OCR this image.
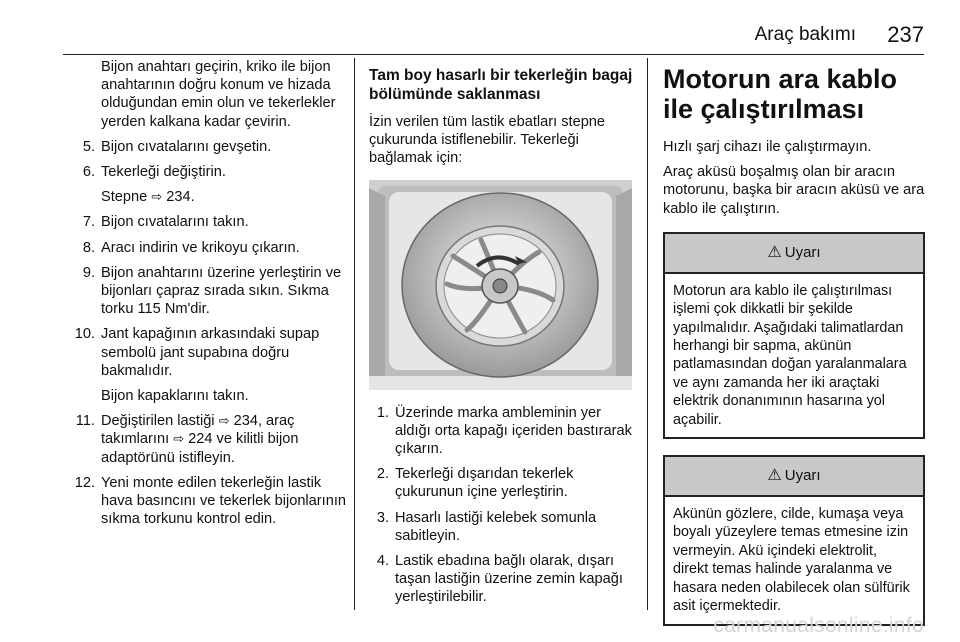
Araç bakımı 237

Bijon anahtarı geçirin, kriko ile bijon anahtarının doğru konum ve hizada olduğundan emin olun ve tekerlekler yerden kalkana kadar çevirin.

5. Bijon cıvatalarını gevşetin.
6. Tekerleği değiştirin.
Stepne ⇨ 234.
7. Bijon cıvatalarını takın.
8. Aracı indirin ve krikoyu çıkarın.
9. Bijon anahtarını üzerine yerleştirin ve bijonları çapraz sırada sıkın. Sıkma torku 115 Nm'dir.
10. Jant kapağının arkasındaki supap sembolü jant supabına doğru bakmalıdır.
Bijon kapaklarını takın.
11. Değiştirilen lastiği ⇨ 234, araç takımlarını ⇨ 224 ve kilitli bijon adaptörünü istifleyin.
12. Yeni monte edilen tekerleğin lastik hava basıncını ve tekerlek bijonlarının sıkma torkunu kontrol edin.
Tam boy hasarlı bir tekerleğin bagaj bölümünde saklanması

İzin verilen tüm lastik ebatları stepne çukurunda istiflenebilir. Tekerleği bağlamak için:

1. Üzerinde marka ambleminin yer aldığı orta kapağı içeriden bastırarak çıkarın.
2. Tekerleği dışarıdan tekerlek çukurunun içine yerleştirin.
3. Hasarlı lastiği kelebek somunla sabitleyin.
4. Lastik ebadına bağlı olarak, dışarı taşan lastiğin üzerine zemin kapağı yerleştirilebilir.
Motorun ara kablo ile çalıştırılması

Hızlı şarj cihazı ile çalıştırmayın.

Araç aküsü boşalmış olan bir aracın motorunu, başka bir aracın aküsü ve ara kablo ile çalıştırın.

⚠ Uyarı
Motorun ara kablo ile çalıştırılması işlemi çok dikkatli bir şekilde yapılmalıdır. Aşağıdaki talimatlardan herhangi bir sapma, akünün patlamasından doğan yaralanmalara ve aynı zamanda her iki araçtaki elektrik donanımının hasarına yol açabilir.
⚠ Uyarı
Akünün gözlere, cilde, kumaşa veya boyalı yüzeylere temas etmesine izin vermeyin. Akü içindeki elektrolit, direkt temas halinde yaralanma ve hasara neden olabilecek olan sülfürik asit içermektedir.
carmanualsonline.info
